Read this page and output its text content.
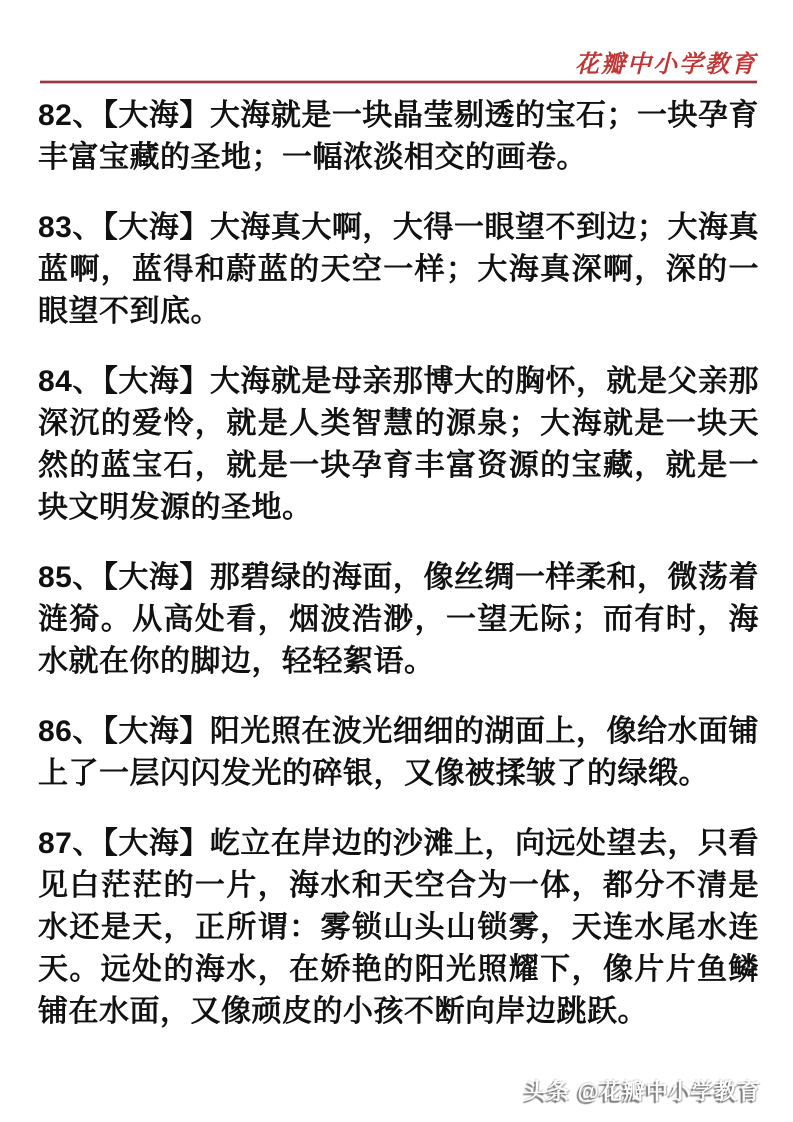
花瓣中小学教育

82、【大海】大海就是一块晶莹剔透的宝石；一块孕育丰富宝藏的圣地；一幅浓淡相交的画卷。

83、【大海】大海真大啊，大得一眼望不到边；大海真蓝啊，蓝得和蔚蓝的天空一样；大海真深啊，深的一眼望不到底。

84、【大海】大海就是母亲那博大的胸怀，就是父亲那深沉的爱怜，就是人类智慧的源泉；大海就是一块天然的蓝宝石，就是一块孕育丰富资源的宝藏，就是一块文明发源的圣地。

85、【大海】那碧绿的海面，像丝绸一样柔和，微荡着涟猗。从高处看，烟波浩渺，一望无际；而有时，海水就在你的脚边，轻轻絮语。

86、【大海】阳光照在波光细细的湖面上，像给水面铺上了一层闪闪发光的碎银，又像被揉皱了的绿缎。

87、【大海】屹立在岸边的沙滩上，向远处望去，只看见白茫茫的一片，海水和天空合为一体，都分不清是水还是天，正所谓：雾锁山头山锁雾，天连水尾水连天。远处的海水，在娇艳的阳光照耀下，像片片鱼鳞铺在水面，又像顽皮的小孩不断向岸边跳跃。

头条 @花瓣中小学教育
